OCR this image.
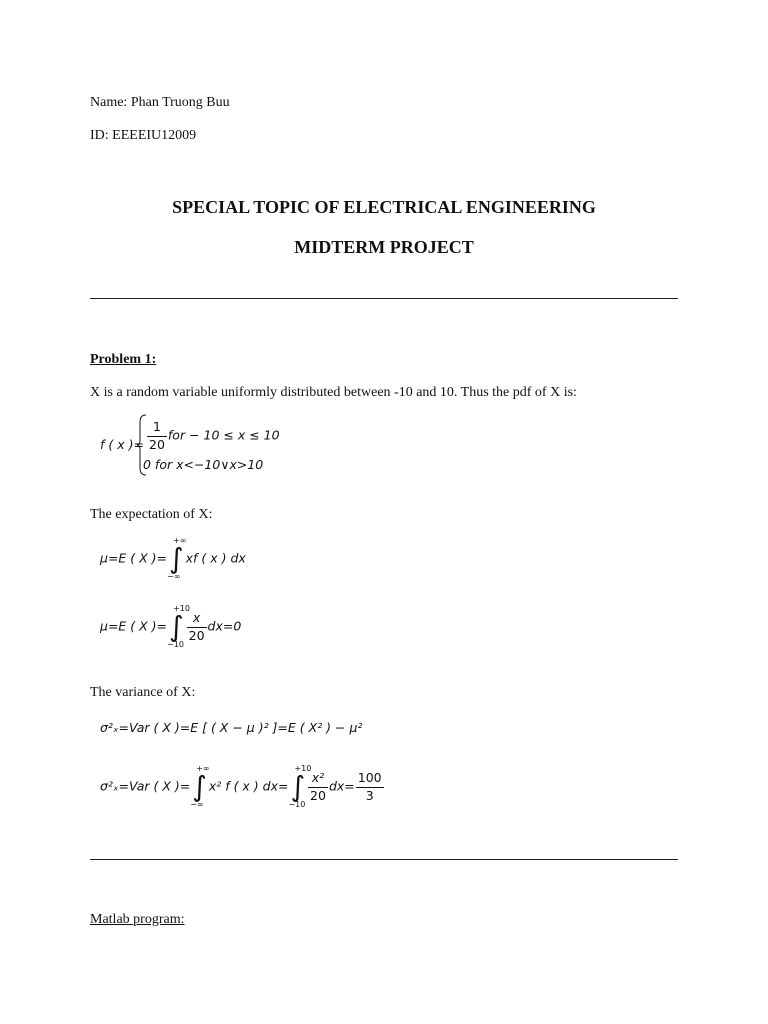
Name: Phan Truong Buu
ID: EEEEIU12009
SPECIAL TOPIC OF ELECTRICAL ENGINEERING
MIDTERM PROJECT
Problem 1:
X is a random variable uniformly distributed between -10 and 10. Thus the pdf of X is:
f ( x )= $\frac{1}{20}$ for − 10 ≤ x ≤ 10
0 for x<−10∨x>10
The expectation of X:
μ=E ( X )=
+∞
∫
−∞
xf ( x ) dx
μ=E ( X )=
+10
∫
−10
$\frac{x}{20} dx=0$
The variance of X:
σ²ₓ=Var ( X )=E [ ( X − μ )² ]=E ( X² ) − μ²
σ²ₓ=Var ( X )=
+∞
∫
−∞
x² f ( x ) dx=
+10
∫
−10
$\frac{\text{x²}}{20} dx= \frac{100}{3}$
Matlab program:
